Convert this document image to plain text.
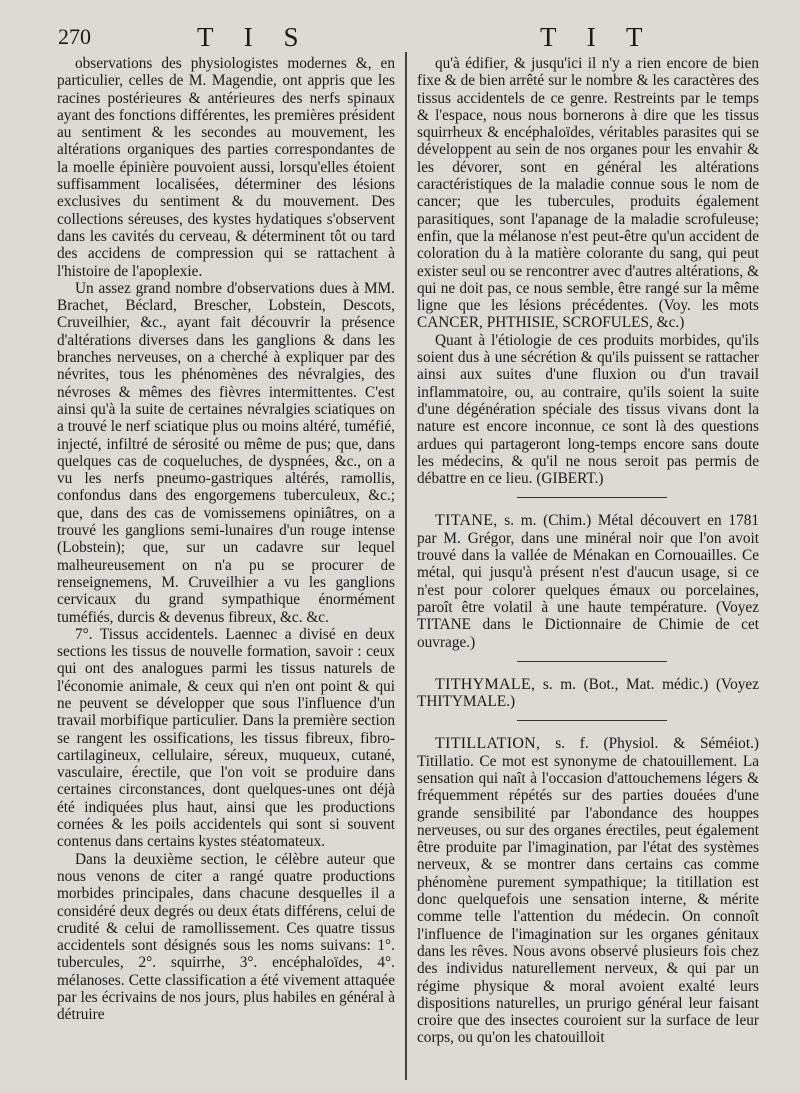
270	T I S	T I T

observations des physiologistes modernes &, en particulier, celles de M. Magendie, ont appris que les racines postérieures & antérieures des nerfs spinaux ayant des fonctions différentes, les premières président au sentiment & les secondes au mouvement, les altérations organiques des parties correspondantes de la moelle épinière pouvoient aussi, lorsqu'elles étoient suffisamment localisées, déterminer des lésions exclusives du sentiment & du mouvement. Des collections séreuses, des kystes hydatiques s'observent dans les cavités du cerveau, & déterminent tôt ou tard des accidens de compression qui se rattachent à l'histoire de l'apoplexie.

Un assez grand nombre d'observations dues à MM. Brachet, Béclard, Brescher, Lobstein, Descots, Cruveilhier, &c., ayant fait découvrir la présence d'altérations diverses dans les ganglions & dans les branches nerveuses, on a cherché à expliquer par des névrites, tous les phénomènes des névralgies, des névroses & mêmes des fièvres intermittentes. C'est ainsi qu'à la suite de certaines névralgies sciatiques on a trouvé le nerf sciatique plus ou moins altéré, tuméfié, injecté, infiltré de sérosité ou même de pus; que, dans quelques cas de coqueluches, de dyspnées, &c., on a vu les nerfs pneumo-gastriques altérés, ramollis, confondus dans des engorgemens tuberculeux, &c.; que, dans des cas de vomissemens opiniâtres, on a trouvé les ganglions semi-lunaires d'un rouge intense (Lobstein); que, sur un cadavre sur lequel malheureusement on n'a pu se procurer de renseignemens, M. Cruveilhier a vu les ganglions cervicaux du grand sympathique énormément tuméfiés, durcis & devenus fibreux, &c. &c.

7°. Tissus accidentels. Laennec a divisé en deux sections les tissus de nouvelle formation, savoir : ceux qui ont des analogues parmi les tissus naturels de l'économie animale, & ceux qui n'en ont point & qui ne peuvent se développer que sous l'influence d'un travail morbifique particulier. Dans la première section se rangent les ossifications, les tissus fibreux, fibro-cartilagineux, cellulaire, séreux, muqueux, cutané, vasculaire, érectile, que l'on voit se produire dans certaines circonstances, dont quelques-unes ont déjà été indiquées plus haut, ainsi que les productions cornées & les poils accidentels qui sont si souvent contenus dans certains kystes stéatomateux.

Dans la deuxième section, le célèbre auteur que nous venons de citer a rangé quatre productions morbides principales, dans chacune desquelles il a considéré deux degrés ou deux états différens, celui de crudité & celui de ramollissement. Ces quatre tissus accidentels sont désignés sous les noms suivans: 1°. tubercules, 2°. squirrhe, 3°. encéphaloïdes, 4°. mélanoses. Cette classification a été vivement attaquée par les écrivains de nos jours, plus habiles en général à détruire

qu'à édifier, & jusqu'ici il n'y a rien encore de bien fixe & de bien arrêté sur le nombre & les caractères des tissus accidentels de ce genre. Restreints par le temps & l'espace, nous nous bornerons à dire que les tissus squirrheux & encéphaloïdes, véritables parasites qui se développent au sein de nos organes pour les envahir & les dévorer, sont en général les altérations caractéristiques de la maladie connue sous le nom de cancer; que les tubercules, produits également parasitiques, sont l'apanage de la maladie scrofuleuse; enfin, que la mélanose n'est peut-être qu'un accident de coloration du à la matière colorante du sang, qui peut exister seul ou se rencontrer avec d'autres altérations, & qui ne doit pas, ce nous semble, être rangé sur la même ligne que les lésions précédentes. (Voy. les mots CANCER, PHTHISIE, SCROFULES, &c.)

Quant à l'étiologie de ces produits morbides, qu'ils soient dus à une sécrétion & qu'ils puissent se rattacher ainsi aux suites d'une fluxion ou d'un travail inflammatoire, ou, au contraire, qu'ils soient la suite d'une dégénération spéciale des tissus vivans dont la nature est encore inconnue, ce sont là des questions ardues qui partageront long-temps encore sans doute les médecins, & qu'il ne nous seroit pas permis de débattre en ce lieu. (GIBERT.)

TITANE, s. m. (Chim.) Métal découvert en 1781 par M. Grégor, dans une minéral noir que l'on avoit trouvé dans la vallée de Ménakan en Cornouailles. Ce métal, qui jusqu'à présent n'est d'aucun usage, si ce n'est pour colorer quelques émaux ou porcelaines, paroît être volatil à une haute température. (Voyez TITANE dans le Dictionnaire de Chimie de cet ouvrage.)

TITHYMALE, s. m. (Bot., Mat. médic.) (Voyez THITYMALE.)

TITILLATION, s. f. (Physiol. & Séméiot.) Titillatio. Ce mot est synonyme de chatouillement. La sensation qui naît à l'occasion d'attouchemens légers & fréquemment répétés sur des parties douées d'une grande sensibilité par l'abondance des houppes nerveuses, ou sur des organes érectiles, peut également être produite par l'imagination, par l'état des systèmes nerveux, & se montrer dans certains cas comme phénomène purement sympathique; la titillation est donc quelquefois une sensation interne, & mérite comme telle l'attention du médecin. On connoît l'influence de l'imagination sur les organes génitaux dans les rêves. Nous avons observé plusieurs fois chez des individus naturellement nerveux, & qui par un régime physique & moral avoient exalté leurs dispositions naturelles, un prurigo général leur faisant croire que des insectes couroient sur la surface de leur corps, ou qu'on les chatouilloit
